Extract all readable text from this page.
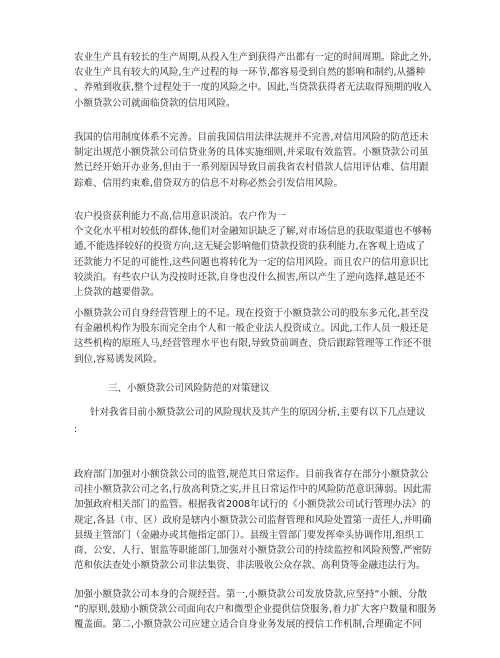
农业生产具有较长的生产周期,从投入生产到获得产出都有一定的时间周期。除此之外,
农业生产具有较大的风险,生产过程的每一环节,都容易受到自然的影响和制约,从播种
、养殖到收获,整个过程处于一度的风险之中。因此,当贷款获得者无法取得预期的收入
小额贷款公司就面临贷款的信用风险。
我国的信用制度体系不完善。目前我国信用法律法规并不完善,对信用风险的防范还未
制定出规范小额贷款公司信贷业务的具体实施细则,并采取有效监管。小额贷款公司虽
然已经开始开办业务,但由于一系列原因导致目前我省农村借款人信用评估难、信用跟
踪难、信用约束难,借贷双方的信息不对称必然会引发信用风险。
农户投资获利能力不高,信用意识淡泊。农户作为一
个文化水平相对较低的群体,他们对金融知识缺乏了解,对市场信息的获取渠道也不够畅
通,不能选择较好的投资方向,这无疑会影响他们贷款投资的获利能力,在客观上造成了
还款能力不足的可能性,这些问题也将转化为一定的信用风险。而且农户的信用意识比
较淡泊。有些农户认为没按时还款,自身也没什么损害,所以产生了逆向选择,越是还不
上贷款的越要借款。
小额贷款公司自身经营管理上的不足。现在投资于小额贷款公司的股东多元化,甚至没
有金融机构作为股东而完全由个人和一般企业法人投资成立。因此,工作人员一般还是
这些机构的原班人马,经营管理水平也有限,导致贷前调查、贷后跟踪管理等工作还不很
到位,容易诱发风险。
三、小额贷款公司风险防范的对策建议
针对我省目前小额贷款公司的风险现状及其产生的原因分析,主要有以下几点建议
:
政府部门加强对小额贷款公司的监管,规范其日常运作。目前我省存在部分小额贷款公
司挂小额贷款公司之名,行放高利贷之实,并且日常运作中的风险防范意识薄弱。因此需
加强政府相关部门的监管。根据我省2008年试行的《小额贷款公司试行管理办法》的
规定,各县（市、区）政府是辖内小额贷款公司监督管理和风险处置第一责任人,并明确
县级主管部门（金融办或其他指定部门）。县级主管部门要发挥牵头协调作用,组织工
商、公安、人行、银监等职能部门,加强对小额贷款公司的持续监控和风险预警,严密防
范和依法查处小额贷款公司非法集资、非法吸收公众存款、高利贷等金融违法行为。
加强小额贷款公司本身的合规经营。第一,小额贷款公司发放贷款,应坚持“小额、分散
”的原则,鼓励小额贷款公司面向农户和微型企业提供信贷服务,着力扩大客户数量和服务
覆盖面。第二,小额贷款公司应建立适合自身业务发展的授信工作机制,合理确定不同
